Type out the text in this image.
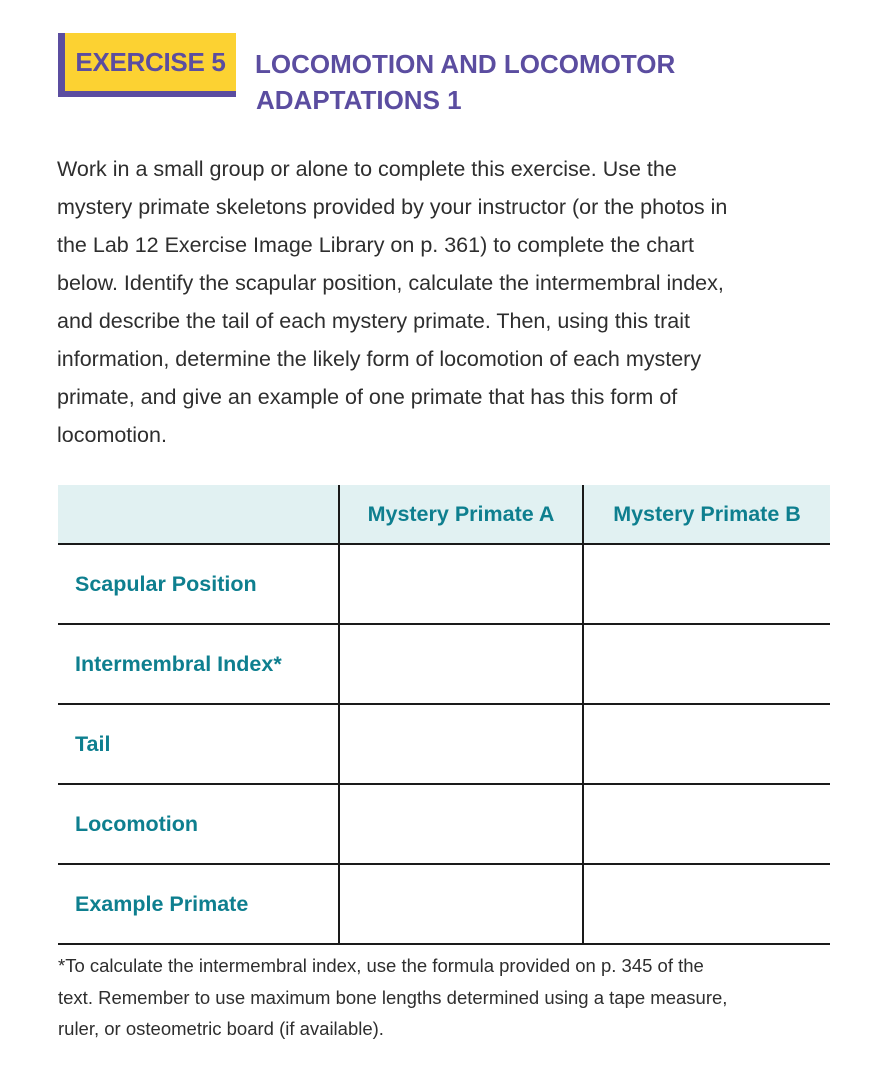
EXERCISE 5 LOCOMOTION AND LOCOMOTOR
ADAPTATIONS 1

Work in a small group or alone to complete this exercise. Use the
mystery primate skeletons provided by your instructor (or the photos in
the Lab 12 Exercise Image Library on p. 361) to complete the chart
below. Identify the scapular position, calculate the intermembral index,
and describe the tail of each mystery primate. Then, using this trait
information, determine the likely form of locomotion of each mystery
primate, and give an example of one primate that has this form of
locomotion.

	Mystery Primate A	Mystery Primate B
Scapular Position		
Intermembral Index*		
Tail		
Locomotion		
Example Primate		

*To calculate the intermembral index, use the formula provided on p. 345 of the
text. Remember to use maximum bone lengths determined using a tape measure,
ruler, or osteometric board (if available).
